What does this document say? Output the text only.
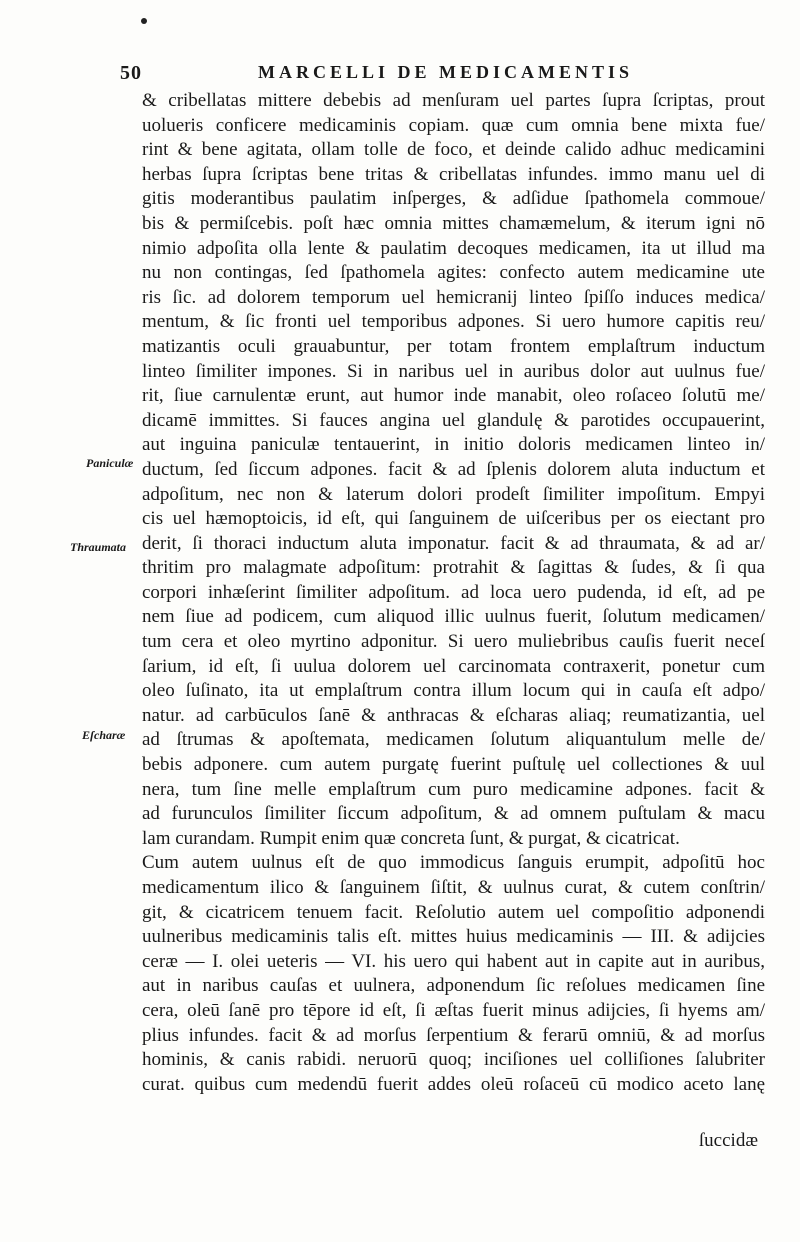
50	MARCELLI DE MEDICAMENTIS
Paniculæ
Thraumata
Eſcharæ
& cribellatas mittere debebis ad menſuram uel partes ſupra ſcriptas, prout
uolueris conficere medicaminis copiam. quæ cum omnia bene mixta fue/
rint & bene agitata, ollam tolle de foco, et deinde calido adhuc medicamini
herbas ſupra ſcriptas bene tritas & cribellatas infundes. immo manu uel di
gitis moderantibus paulatim inſperges, & adſidue ſpathomela commoue/
bis & permiſcebis. poſt hæc omnia mittes chamæmelum, & iterum igni nō
nimio adpoſita olla lente & paulatim decoques medicamen, ita ut illud ma
nu non contingas, ſed ſpathomela agites: confecto autem medicamine ute
ris ſic. ad dolorem temporum uel hemicranij linteo ſpiſſo induces medica/
mentum, & ſic fronti uel temporibus adpones. Si uero humore capitis reu/
matizantis oculi grauabuntur, per totam frontem emplaſtrum inductum
linteo ſimiliter impones. Si in naribus uel in auribus dolor aut uulnus fue/
rit, ſiue carnulentæ erunt, aut humor inde manabit, oleo roſaceo ſolutū me/
dicamē immittes. Si fauces angina uel glandulę & parotides occupauerint,
aut inguina paniculæ tentauerint, in initio doloris medicamen linteo in/
ductum, ſed ſiccum adpones. facit & ad ſplenis dolorem aluta inductum et
adpoſitum, nec non & laterum dolori prodeſt ſimiliter impoſitum. Empyi
cis uel hæmoptoicis, id eſt, qui ſanguinem de uiſceribus per os eiectant pro
derit, ſi thoraci inductum aluta imponatur. facit & ad thraumata, & ad ar/
thritim pro malagmate adpoſitum: protrahit & ſagittas & ſudes, & ſi qua
corpori inhæſerint ſimiliter adpoſitum. ad loca uero pudenda, id eſt, ad pe
nem ſiue ad podicem, cum aliquod illic uulnus fuerit, ſolutum medicamen/
tum cera et oleo myrtino adponitur. Si uero muliebribus cauſis fuerit neceſ
ſarium, id eſt, ſi uulua dolorem uel carcinomata contraxerit, ponetur cum
oleo ſuſinato, ita ut emplaſtrum contra illum locum qui in cauſa eſt adpo/
natur. ad carbūculos ſanē & anthracas & eſcharas aliaq; reumatizantia, uel
ad ſtrumas & apoſtemata, medicamen ſolutum aliquantulum melle de/
bebis adponere. cum autem purgatę fuerint puſtulę uel collectiones & uul
nera, tum ſine melle emplaſtrum cum puro medicamine adpones. facit &
ad furunculos ſimiliter ſiccum adpoſitum, & ad omnem puſtulam & macu
lam curandam. Rumpit enim quæ concreta ſunt, & purgat, & cicatricat.
Cum autem uulnus eſt de quo immodicus ſanguis erumpit, adpoſitū hoc
medicamentum ilico & ſanguinem ſiſtit, & uulnus curat, & cutem conſtrin/
git, & cicatricem tenuem facit. Reſolutio autem uel compoſitio adponendi
uulneribus medicaminis talis eſt. mittes huius medicaminis — III. & adijcies
ceræ — I. olei ueteris — VI. his uero qui habent aut in capite aut in auribus,
aut in naribus cauſas et uulnera, adponendum ſic reſolues medicamen ſine
cera, oleū ſanē pro tēpore id eſt, ſi æſtas fuerit minus adijcies, ſi hyems am/
plius infundes. facit & ad morſus ſerpentium & ferarū omniū, & ad morſus
hominis, & canis rabidi. neruorū quoq; inciſiones uel colliſiones ſalubriter
curat. quibus cum medendū fuerit addes oleū roſaceū cū modico aceto lanę
ſuccidæ
